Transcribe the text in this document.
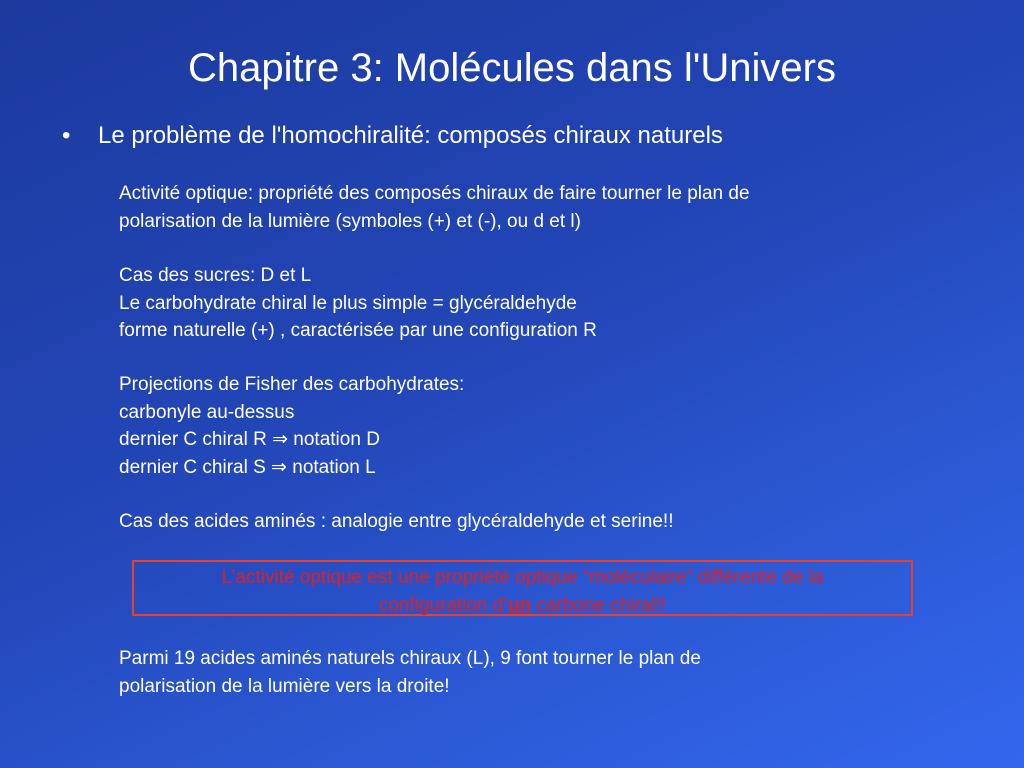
Chapitre 3: Molécules dans l'Univers
• Le problème de l'homochiralité: composés chiraux naturels
Activité optique: propriété des composés chiraux de faire tourner le plan de
polarisation de la lumière (symboles (+) et (-), ou d et l)
Cas des sucres: D et L
Le carbohydrate chiral le plus simple = glycéraldehyde
forme naturelle (+) , caractérisée par une configuration R
Projections de Fisher des carbohydrates:
carbonyle au-dessus
dernier C chiral R ⇒ notation D
dernier C chiral S ⇒ notation L
Cas des acides aminés : analogie entre glycéraldehyde et serine!!
L’activité optique est une propriété optique “moléculaire” différente de la
configuration d’un carbone chiral!!
Parmi 19 acides aminés naturels chiraux (L), 9 font tourner le plan de
polarisation de la lumière vers la droite!
